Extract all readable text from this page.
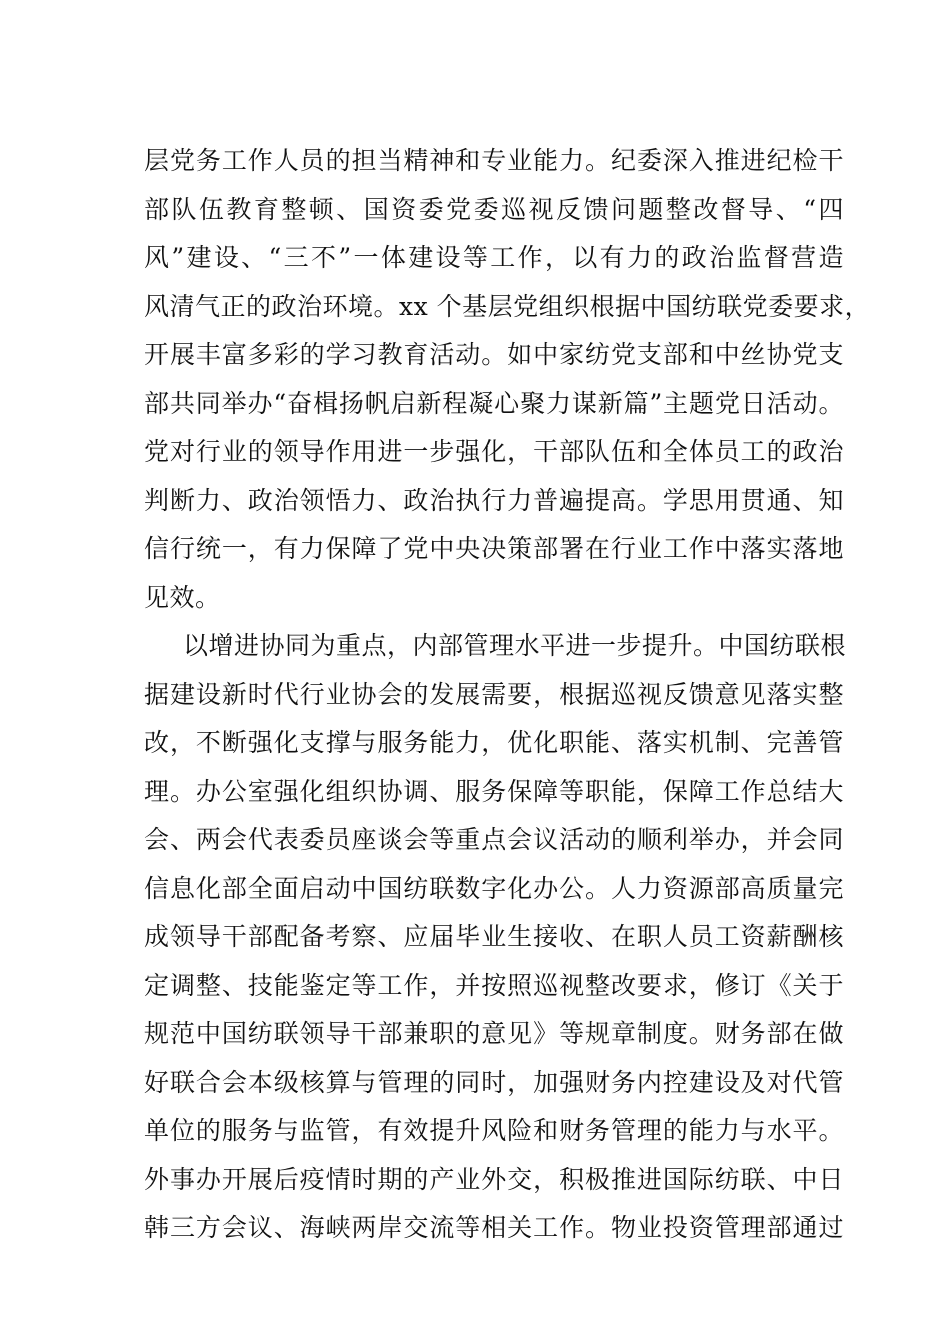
层党务工作人员的担当精神和专业能力。纪委深入推进纪检干
部队伍教育整顿、国资委党委巡视反馈问题整改督导、“四
风”建设、“三不”一体建设等工作，以有力的政治监督营造
风清气正的政治环境。xx 个基层党组织根据中国纺联党委要求，
开展丰富多彩的学习教育活动。如中家纺党支部和中丝协党支
部共同举办“奋楫扬帆启新程凝心聚力谋新篇”主题党日活动。
党对行业的领导作用进一步强化，干部队伍和全体员工的政治
判断力、政治领悟力、政治执行力普遍提高。学思用贯通、知
信行统一，有力保障了党中央决策部署在行业工作中落实落地
见效。
以增进协同为重点，内部管理水平进一步提升。中国纺联根
据建设新时代行业协会的发展需要，根据巡视反馈意见落实整
改，不断强化支撑与服务能力，优化职能、落实机制、完善管
理。办公室强化组织协调、服务保障等职能，保障工作总结大
会、两会代表委员座谈会等重点会议活动的顺利举办，并会同
信息化部全面启动中国纺联数字化办公。人力资源部高质量完
成领导干部配备考察、应届毕业生接收、在职人员工资薪酬核
定调整、技能鉴定等工作，并按照巡视整改要求，修订《关于
规范中国纺联领导干部兼职的意见》等规章制度。财务部在做
好联合会本级核算与管理的同时，加强财务内控建设及对代管
单位的服务与监管，有效提升风险和财务管理的能力与水平。
外事办开展后疫情时期的产业外交，积极推进国际纺联、中日
韩三方会议、海峡两岸交流等相关工作。物业投资管理部通过
